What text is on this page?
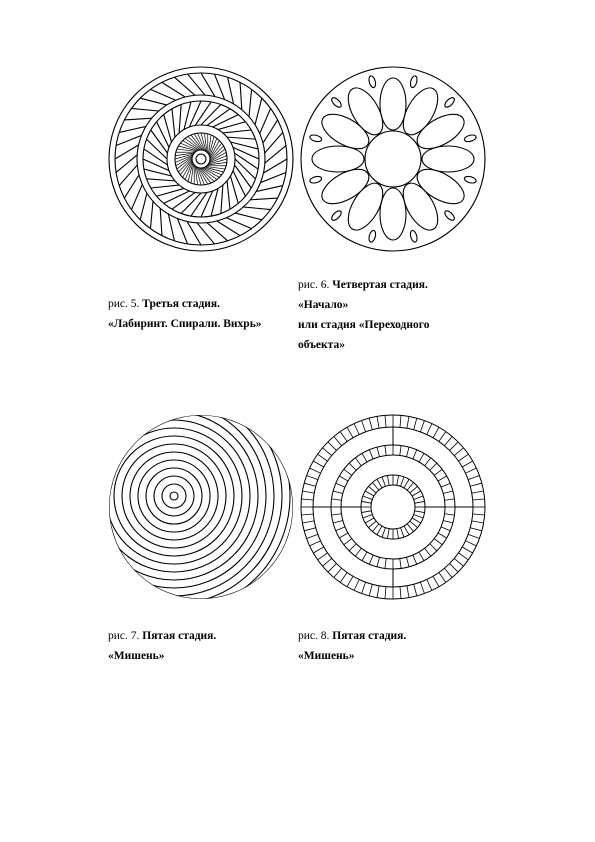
рис. 5. Третья стадия.
«Лабиринт. Спирали. Вихрь»
рис. 6. Четвертая стадия.
«Начало»
или стадия «Переходного
объекта»
рис. 7. Пятая стадия.
«Мишень»
рис. 8. Пятая стадия.
«Мишень»
